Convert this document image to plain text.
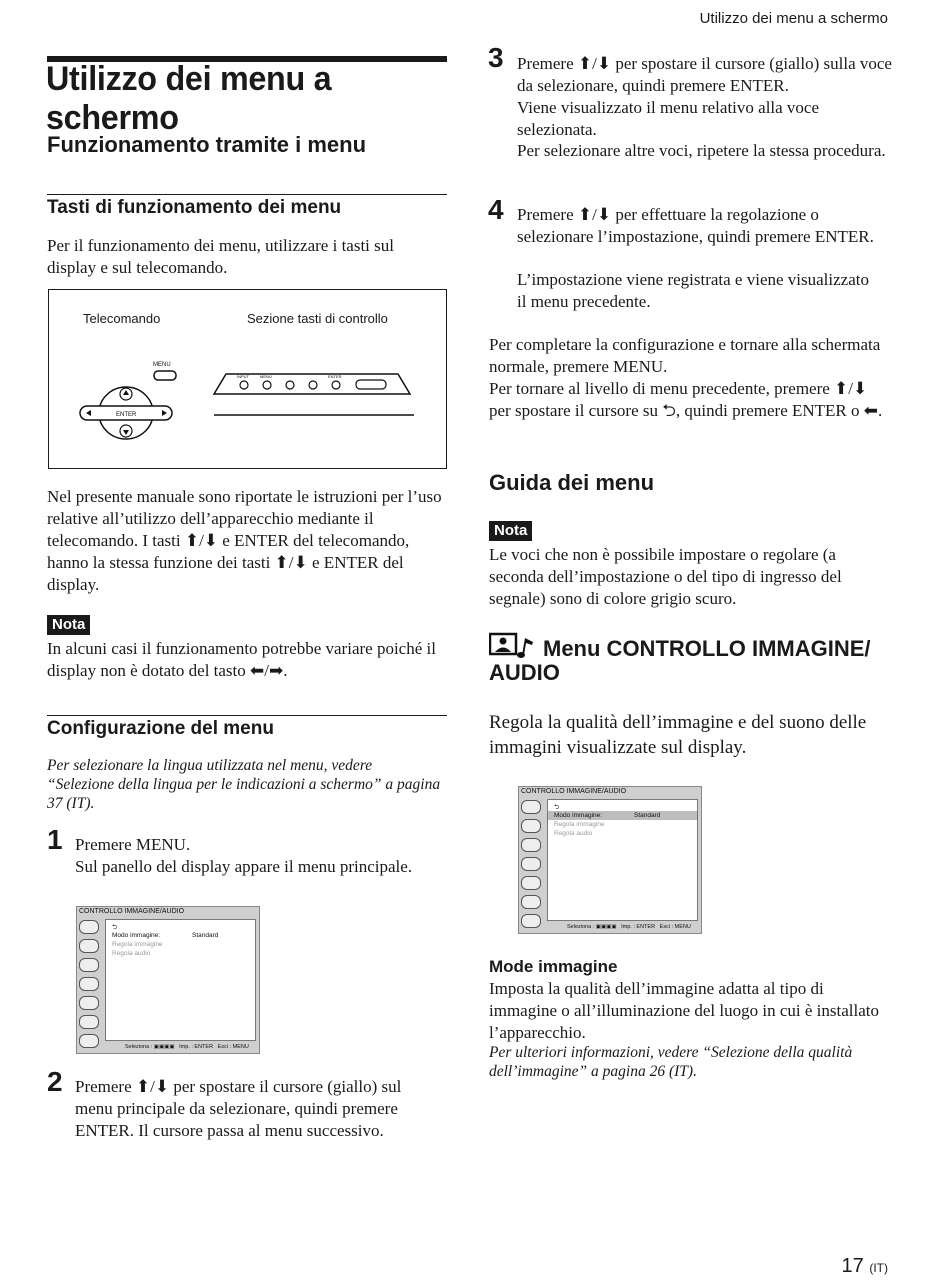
Utilizzo dei menu a schermo
Utilizzo dei menu a schermo
Funzionamento tramite i menu
Tasti di funzionamento dei menu
Per il funzionamento dei menu, utilizzare i tasti sul display e sul telecomando.
Telecomando	Sezione tasti di controllo
MENU
ENTER
INPUT	MENU	ENTER
Nel presente manuale sono riportate le istruzioni per l’uso relative all’utilizzo dell’apparecchio mediante il telecomando. I tasti ⬆/⬇ e ENTER del telecomando, hanno la stessa funzione dei tasti ⬆/⬇ e ENTER del display.
Nota
In alcuni casi il funzionamento potrebbe variare poiché il display non è dotato del tasto ⬅/➡.
Configurazione del menu
Per selezionare la lingua utilizzata nel menu, vedere “Selezione della lingua per le indicazioni a schermo” a pagina 37 (IT).
1 Premere MENU.
Sul panello del display appare il menu principale.
CONTROLLO IMMAGINE/AUDIO
⮌
Modo immagine:	Standard
Regola immagine
Regola audio
Seleziona : ▣▣▣▣   Imp. : ENTER Esci : MENU
2 Premere ⬆/⬇ per spostare il cursore (giallo) sul menu principale da selezionare, quindi premere ENTER. Il cursore passa al menu successivo.
3 Premere ⬆/⬇ per spostare il cursore (giallo) sulla voce da selezionare, quindi premere ENTER.
Viene visualizzato il menu relativo alla voce selezionata.
Per selezionare altre voci, ripetere la stessa procedura.
4 Premere ⬆/⬇ per effettuare la regolazione o selezionare l’impostazione, quindi premere ENTER.
L’impostazione viene registrata e viene visualizzato il menu precedente.
Per completare la configurazione e tornare alla schermata normale, premere MENU.
Per tornare al livello di menu precedente, premere ⬆/⬇ per spostare il cursore su ⮌, quindi premere ENTER o ⬅.
Guida dei menu
Nota
Le voci che non è possibile impostare o regolare (a seconda dell’impostazione o del tipo di ingresso del segnale) sono di colore grigio scuro.
Menu CONTROLLO IMMAGINE/
AUDIO
Regola la qualità dell’immagine e del suono delle immagini visualizzate sul display.
CONTROLLO IMMAGINE/AUDIO
⮌
Modo immagine:	Standard
Regola immagine
Regola audio
Seleziona : ▣▣▣▣   Imp. : ENTER Esci : MENU
Mode immagine
Imposta la qualità dell’immagine adatta al tipo di immagine o all’illuminazione del luogo in cui è installato l’apparecchio.
Per ulteriori informazioni, vedere “Selezione della qualità dell’immagine” a pagina 26 (IT).
17 (IT)
